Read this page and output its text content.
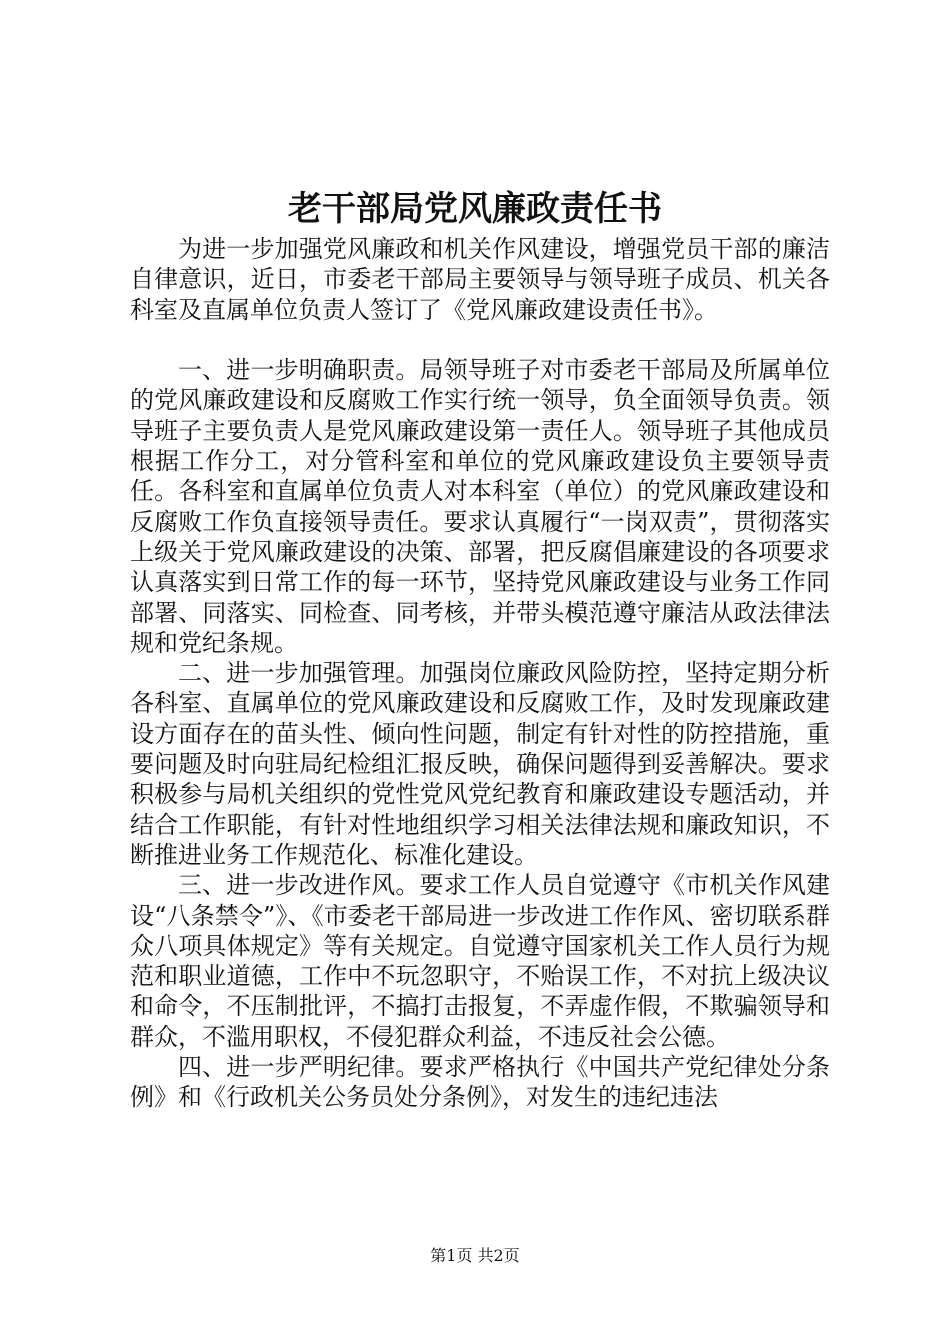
老干部局党风廉政责任书

为进一步加强党风廉政和机关作风建设，增强党员干部的廉洁自律意识，近日，市委老干部局主要领导与领导班子成员、机关各科室及直属单位负责人签订了《党风廉政建设责任书》。

一、进一步明确职责。局领导班子对市委老干部局及所属单位的党风廉政建设和反腐败工作实行统一领导，负全面领导负责。领导班子主要负责人是党风廉政建设第一责任人。领导班子其他成员根据工作分工，对分管科室和单位的党风廉政建设负主要领导责任。各科室和直属单位负责人对本科室（单位）的党风廉政建设和反腐败工作负直接领导责任。要求认真履行“一岗双责”，贯彻落实上级关于党风廉政建设的决策、部署，把反腐倡廉建设的各项要求认真落实到日常工作的每一环节，坚持党风廉政建设与业务工作同部署、同落实、同检查、同考核，并带头模范遵守廉洁从政法律法规和党纪条规。

二、进一步加强管理。加强岗位廉政风险防控，坚持定期分析各科室、直属单位的党风廉政建设和反腐败工作，及时发现廉政建设方面存在的苗头性、倾向性问题，制定有针对性的防控措施，重要问题及时向驻局纪检组汇报反映，确保问题得到妥善解决。要求积极参与局机关组织的党性党风党纪教育和廉政建设专题活动，并结合工作职能，有针对性地组织学习相关法律法规和廉政知识，不断推进业务工作规范化、标准化建设。

三、进一步改进作风。要求工作人员自觉遵守《市机关作风建设“八条禁令”》、《市委老干部局进一步改进工作作风、密切联系群众八项具体规定》等有关规定。自觉遵守国家机关工作人员行为规范和职业道德，工作中不玩忽职守，不贻误工作，不对抗上级决议和命令，不压制批评，不搞打击报复，不弄虚作假，不欺骗领导和群众，不滥用职权，不侵犯群众利益，不违反社会公德。

四、进一步严明纪律。要求严格执行《中国共产党纪律处分条例》和《行政机关公务员处分条例》，对发生的违纪违法

第1页 共2页
